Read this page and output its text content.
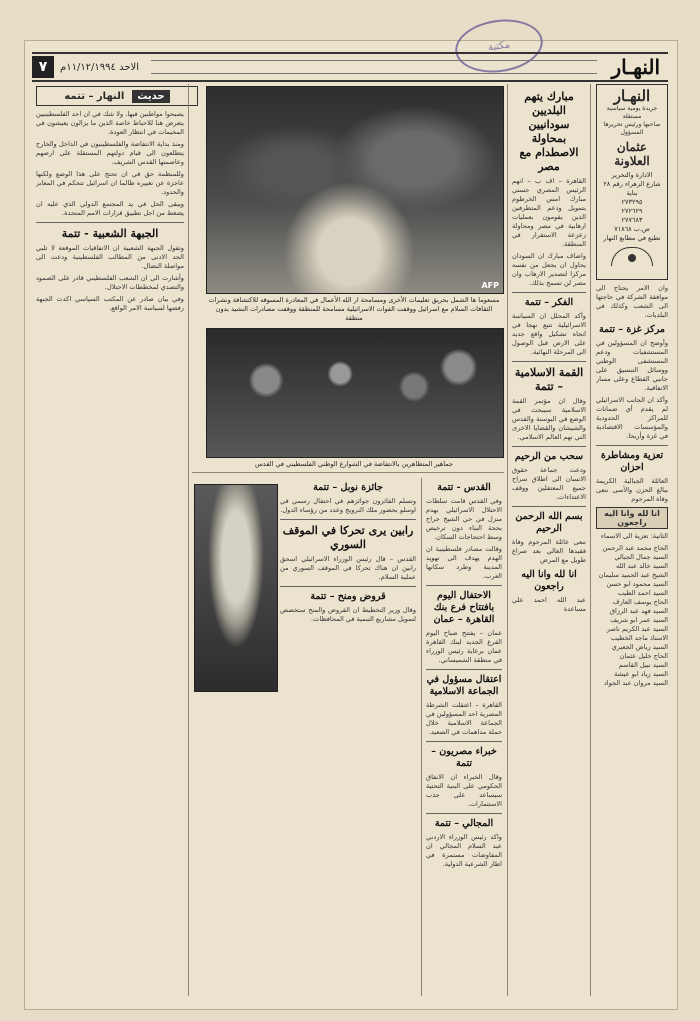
مكتبة
النهـار
الاحد ١١/١٢/١٩٩٤م
٧
حديث
النهار – تتمه	النهـار
جريدة يومية سياسية مستقلة
صاحبها ورئيس تحريرها المسؤول
عثمان العلاونة
الادارة والتحرير
شارع الزهراء رقم ٢٨ بناية
٢٧٣٢٩٥
٢٧٢٦٢٩
٢٧٧٦٨٣
ص.ب ٧١٨٦٨
تطبع في مطابع النهار

وان الامر يحتاج الى موافقة الشركة في حاجتها الى الشعب وكذلك في البلديات.

مركز غزة – تتمة

وأوضح ان المسؤولين في المستشفيات ودعم المستشفى الوطني ووسائل التنسيق على جانبي القطاع وعلى مسار الاتفاقية.

وأكد ان الجانب الاسرائيلي لم يقدم أي ضمانات للمراكز الحدودية والمؤسسات الاقتصادية في غزة وأريحا.

تعزية ومشاطرة احزان

العائلة الجبالية الكريمة ببالغ الحزن والأسى ننعى وفاة المرحوم

انا لله وانا اليه راجعون

الثانية: تعزية الى الاسماء

الحاج محمد عبد الرحمن
السيد جمال الجبالي
السيد خالد عبد الله
الشيخ عبد الحميد سليمان
السيد محمود ابو حسن
السيد احمد الطيب
الحاج يوسف العارف
السيد فهد عبد الرزاق
السيد عمر ابو شريف
السيد عبد الكريم ناصر
الاستاذ ماجد الخطيب
السيد رياض الجعبري
الحاج خليل عثمان
السيد نبيل القاسم
السيد زياد ابو عيشة
السيد مروان عبد الجواد
مبارك يتهم البلديين سودانيين بمحاولة الاصطدام مع مصر

القاهرة – اف ب – اتهم الرئيس المصري حسني مبارك امس الخرطوم بتمويل ودعم المتطرفين الذين يقومون بعمليات ارهابية في مصر ومحاولة زعزعة الاستقرار في المنطقة.

واضاف مبارك ان السودان يحاول ان يجعل من نفسه مركزا لتصدير الارهاب وان مصر لن تسمح بذلك.

الفكر – تتمة

وأكد المحلل ان السياسة الاسرائيلية تتبع نهجا في اتجاه تشكيل واقع جديد على الارض قبل الوصول الى المرحلة النهائية.

القمة الاسلامية – تتمة

وقال ان مؤتمر القمة الاسلامية سيبحث في الوضع في البوسنة والقدس والشيشان والقضايا الاخرى التي تهم العالم الاسلامي.

سحب من الرحيم

ودعت جماعة حقوق الانسان الى اطلاق سراح جميع المعتقلين ووقف الاعتداءات.

بسم الله الرحمن الرحيم

تنعى عائلة المرحوم وفاة فقيدها الغالي بعد صراع طويل مع المرض

انا لله وانا اليه راجعون

عبد الله احمد علي مساعدة

AFP
مسعوما ها الشمل بحريق تعليمات الأخرى ومسامحة ار الله الأعمال في المعادرة المسوقه للاكتشافة ونشرات الثقافات السلام مع اسرائيل ووقفت الفوات الاسرائيلية مسامحة للمنطقة ووقفت مصادرات النشيد بدون منطقة
جماهير المتظاهرين بالانتفاضة في الشوارع الوطني الفلسطيني في القدس
القدس - تتمة

وفي القدس قامت سلطات الاحتلال الاسرائيلي بهدم منزل في حي الشيخ جراح بحجة البناء دون ترخيص وسط احتجاجات السكان.

وقالت مصادر فلسطينية ان الهدم يهدف الى تهويد المدينة وطرد سكانها العرب.

الاحتفال اليوم بافتتاح فرع بنك القاهرة – عمان

عمان – يفتتح صباح اليوم الفرع الجديد لبنك القاهرة عمان برعاية رئيس الوزراء في منطقة الشميساني.

اعتقال مسؤول في الجماعة الاسلامية

القاهرة – اعتقلت الشرطة المصرية احد المسؤولين في الجماعة الاسلامية خلال حملة مداهمات في الصعيد.

خبراء مصريون – تتمة

وقال الخبراء ان الانفاق الحكومي على البنية التحتية سيساعد على جذب الاستثمارات.

المجالي – تتمة

واكد رئيس الوزراء الاردني عبد السلام المجالي ان المفاوضات مستمرة في اطار الشرعية الدولية.

جائزة نوبل – تتمة

وتسلم الفائزون جوائزهم في احتفال رسمي في اوسلو بحضور ملك النرويج وعدد من رؤساء الدول.

رابين يرى تحركا في الموقف السوري

القدس – قال رئيس الوزراء الاسرائيلي اسحق رابين ان هناك تحركا في الموقف السوري من عملية السلام.

قروض ومنح – تتمة

وقال وزير التخطيط ان القروض والمنح ستخصص لتمويل مشاريع التنمية في المحافظات.

يصبحوا مواطنين فيها. ولا شك في ان احد الفلسطينيين يتعرض هنا للاحباط خاصة الذين ما يزالون يعيشون في المخيمات في انتظار العودة.

ومنذ بداية الانتفاضة والفلسطينيون في الداخل والخارج يتطلعون الى قيام دولتهم المستقلة على ارضهم وعاصمتها القدس الشريف.

وللمنظمة حق في ان تحتج على هذا الوضع ولكنها عاجزة عن تغييره طالما ان اسرائيل تتحكم في المعابر والحدود.

ويبقى الحل في يد المجتمع الدولي الذي عليه ان يضغط من اجل تطبيق قرارات الامم المتحدة.

الجبهة الشعبية - تتمة

وتقول الجبهة الشعبية ان الاتفاقيات الموقعة لا تلبي الحد الادنى من المطالب الفلسطينية ودعت الى مواصلة النضال.

وأشارت الى ان الشعب الفلسطيني قادر على الصمود والتصدي لمخططات الاحتلال.

وفي بيان صادر عن المكتب السياسي اكدت الجبهة رفضها لسياسة الامر الواقع.
